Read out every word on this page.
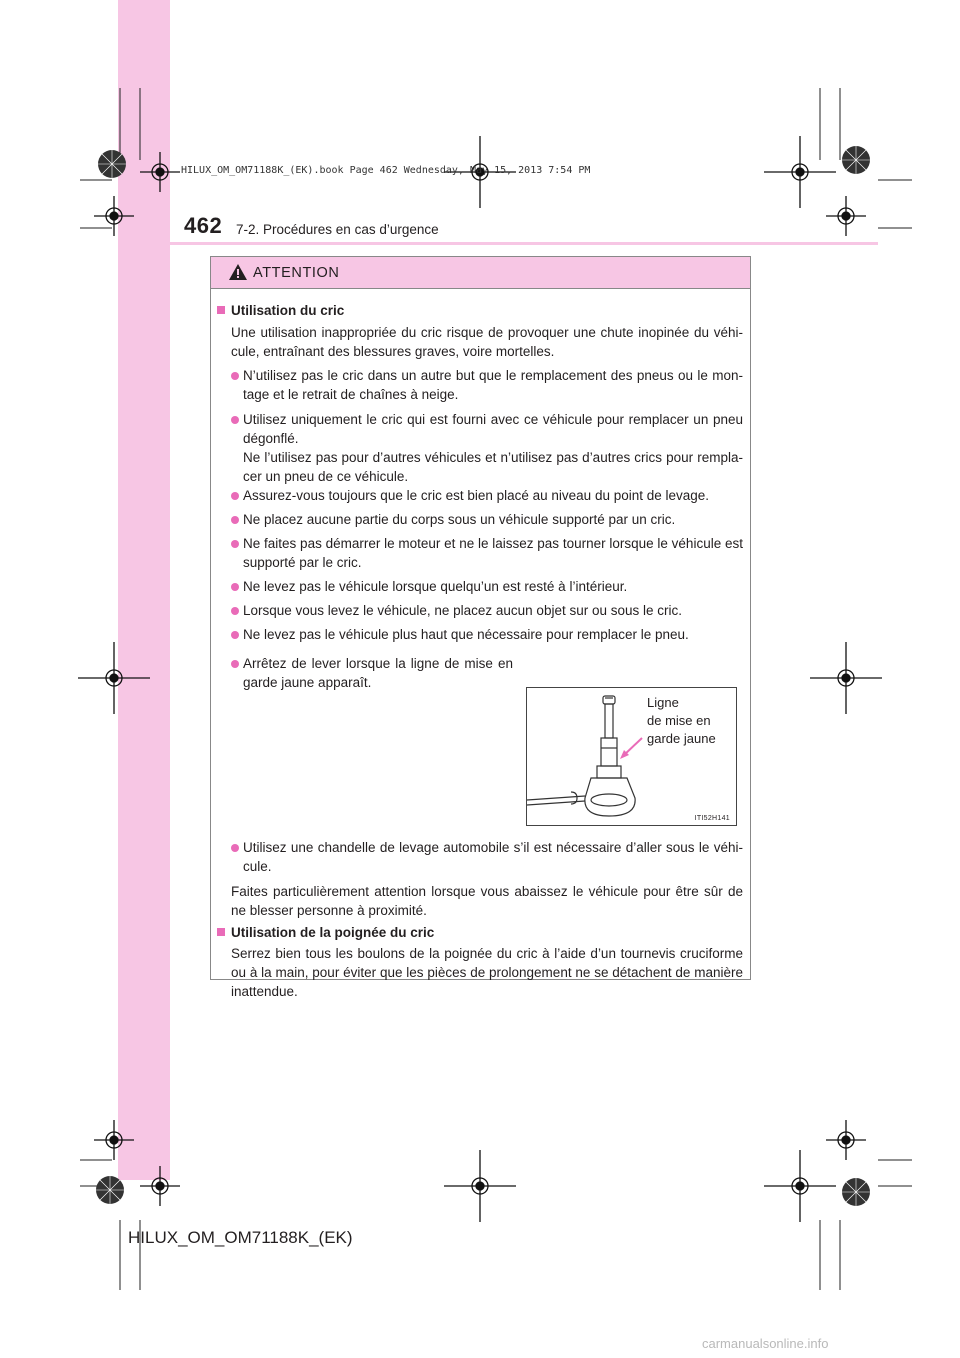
HILUX_OM_OM71188K_(EK).book Page 462 Wednesday, May 15, 2013 7:54 PM
462 7-2. Procédures en cas d’urgence
ATTENTION
Utilisation du cric
Une utilisation inappropriée du cric risque de provoquer une chute inopinée du véhi-cule, entraînant des blessures graves, voire mortelles.
N’utilisez pas le cric dans un autre but que le remplacement des pneus ou le mon-tage et le retrait de chaînes à neige.
Utilisez uniquement le cric qui est fourni avec ce véhicule pour remplacer un pneu dégonflé.
Ne l’utilisez pas pour d’autres véhicules et n’utilisez pas d’autres crics pour rempla-cer un pneu de ce véhicule.
Assurez-vous toujours que le cric est bien placé au niveau du point de levage.
Ne placez aucune partie du corps sous un véhicule supporté par un cric.
Ne faites pas démarrer le moteur et ne le laissez pas tourner lorsque le véhicule est supporté par le cric.
Ne levez pas le véhicule lorsque quelqu’un est resté à l’intérieur.
Lorsque vous levez le véhicule, ne placez aucun objet sur ou sous le cric.
Ne levez pas le véhicule plus haut que nécessaire pour remplacer le pneu.
Arrêtez de lever lorsque la ligne de mise en garde jaune apparaît.
Ligne
de mise en
garde jaune
ITI52H141
Utilisez une chandelle de levage automobile s’il est nécessaire d’aller sous le véhi-cule.
Faites particulièrement attention lorsque vous abaissez le véhicule pour être sûr de ne blesser personne à proximité.
Utilisation de la poignée du cric
Serrez bien tous les boulons de la poignée du cric à l’aide d’un tournevis cruciforme ou à la main, pour éviter que les pièces de prolongement ne se détachent de manière inattendue.
HILUX_OM_OM71188K_(EK)
carmanualsonline.info
